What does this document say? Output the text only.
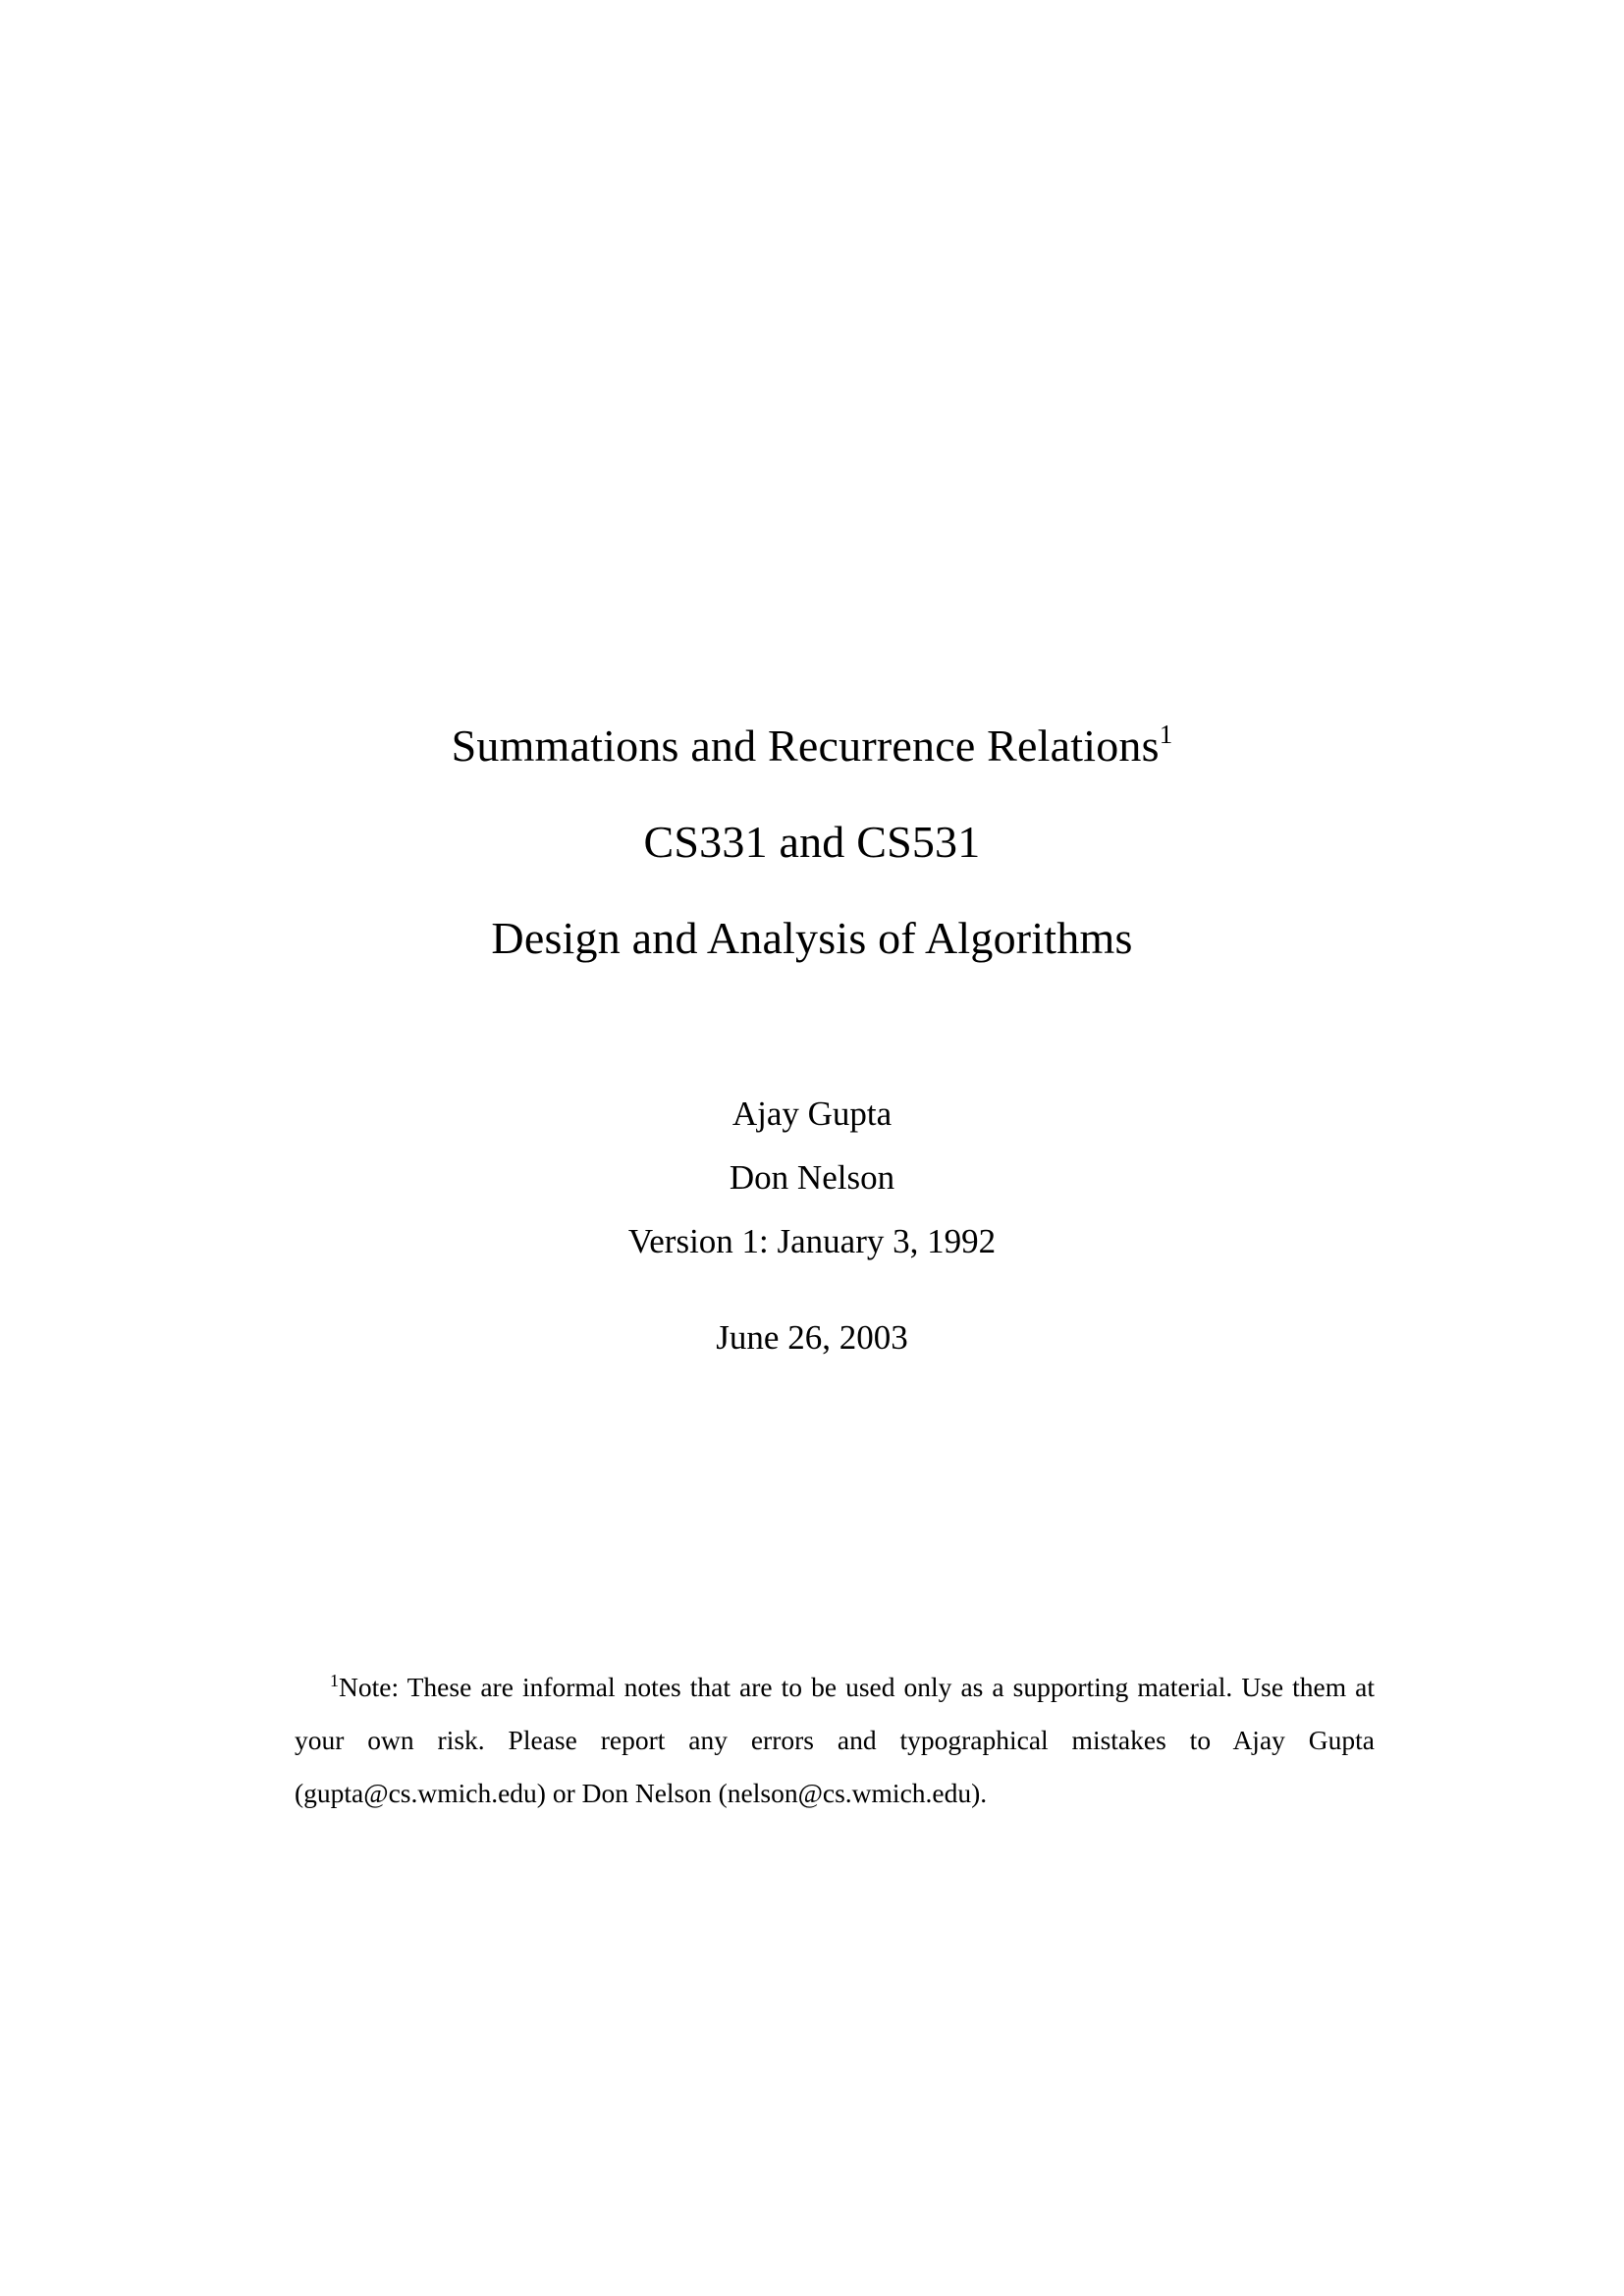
Summations and Recurrence Relations$^1$
CS331 and CS531
Design and Analysis of Algorithms
Ajay Gupta
Don Nelson
Version 1: January 3, 1992
June 26, 2003

$^1$Note: These are informal notes that are to be used only as a supporting material. Use them at your own risk. Please report any errors and typographical mistakes to Ajay Gupta (gupta@cs.wmich.edu) or Don Nelson (nelson@cs.wmich.edu).
